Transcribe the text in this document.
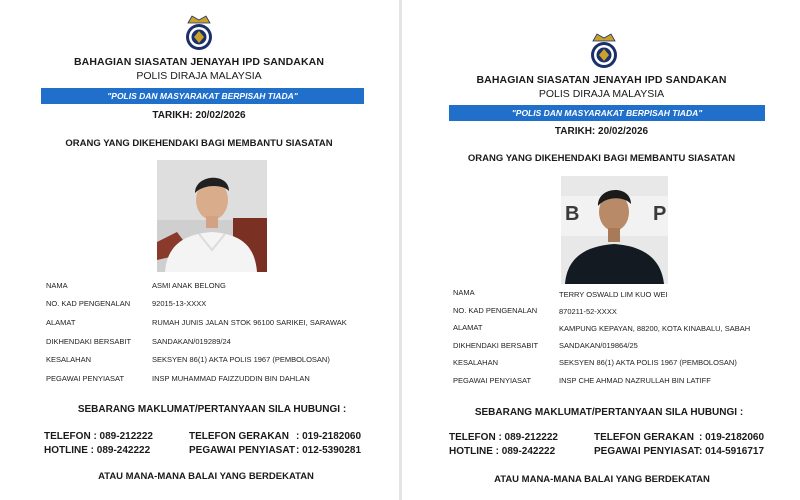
BAHAGIAN SIASATAN JENAYAH IPD SANDAKAN
POLIS DIRAJA MALAYSIA
"POLIS DAN MASYARAKAT BERPISAH TIADA"
TARIKH: 20/02/2026
ORANG YANG DIKEHENDAKI BAGI MEMBANTU SIASATAN
NAMA	ASMI ANAK BELONG
NO. KAD PENGENALAN	92015-13-XXXX
ALAMAT	RUMAH JUNIS JALAN STOK 96100 SARIKEI, SARAWAK
DIKHENDAKI BERSABIT	SANDAKAN/019289/24
KESALAHAN	SEKSYEN 86(1) AKTA POLIS 1967 (PEMBOLOSAN)
PEGAWAI PENYIASAT	INSP MUHAMMAD FAIZZUDDIN BIN DAHLAN
SEBARANG MAKLUMAT/PERTANYAAN SILA HUBUNGI :
TELEFON : 089-212222
HOTLINE : 089-242222
TELEFON GERAKAN : 019-2182060
PEGAWAI PENYIASAT : 012-5390281
ATAU MANA-MANA BALAI YANG BERDEKATAN
BAHAGIAN SIASATAN JENAYAH IPD SANDAKAN
POLIS DIRAJA MALAYSIA
"POLIS DAN MASYARAKAT BERPISAH TIADA"
TARIKH: 20/02/2026
ORANG YANG DIKEHENDAKI BAGI MEMBANTU SIASATAN
B	P
NAMA	TERRY OSWALD LIM KUO WEI
NO. KAD PENGENALAN	870211-52-XXXX
ALAMAT	KAMPUNG KEPAYAN, 88200, KOTA KINABALU, SABAH
DIKHENDAKI BERSABIT	SANDAKAN/019864/25
KESALAHAN	SEKSYEN 86(1) AKTA POLIS 1967 (PEMBOLOSAN)
PEGAWAI PENYIASAT	INSP CHE AHMAD NAZRULLAH BIN LATIFF
SEBARANG MAKLUMAT/PERTANYAAN SILA HUBUNGI :
TELEFON : 089-212222
HOTLINE : 089-242222
TELEFON GERAKAN : 019-2182060
PEGAWAI PENYIASAT : 014-5916717
ATAU MANA-MANA BALAI YANG BERDEKATAN
